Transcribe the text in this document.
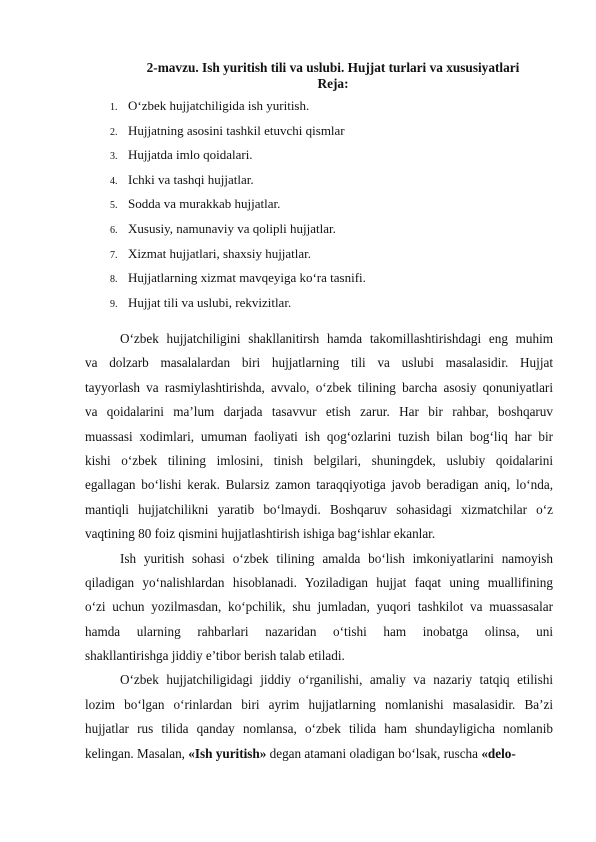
2-mavzu. Ish yuritish tili va uslubi. Hujjat turlari va xususiyatlari
Reja:
1. O‘zbek hujjatchiligida ish yuritish.
2. Hujjatning asosini tashkil etuvchi qismlar
3. Hujjatda imlo qoidalari.
4. Ichki va tashqi hujjatlar.
5. Sodda va murakkab hujjatlar.
6. Xususiy, namunaviy va qolipli hujjatlar.
7. Xizmat hujjatlari, shaxsiy hujjatlar.
8. Hujjatlarning xizmat mavqeyiga ko‘ra tasnifi.
9. Hujjat tili va uslubi, rekvizitlar.
O‘zbek hujjatchiligini shakllanitirsh hamda takomillashtirishdagi eng muhim
va dolzarb masalalardan biri hujjatlarning tili va uslubi masalasidir. Hujjat
tayyorlash va rasmiylashtirishda, avvalo, o‘zbek tilining barcha asosiy qonuniyatlari
va qoidalarini ma’lum darjada tasavvur etish zarur. Har bir rahbar, boshqaruv
muassasi xodimlari, umuman faoliyati ish qog‘ozlarini tuzish bilan bog‘liq har bir
kishi o‘zbek tilining imlosini, tinish belgilari, shuningdek, uslubiy qoidalarini
egallagan bo‘lishi kerak. Bularsiz zamon taraqqiyotiga javob beradigan aniq, lo‘nda,
mantiqli hujjatchilikni yaratib bo‘lmaydi. Boshqaruv sohasidagi xizmatchilar o‘z
vaqtining 80 foiz qismini hujjatlashtirish ishiga bag‘ishlar ekanlar.
Ish yuritish sohasi o‘zbek tilining amalda bo‘lish imkoniyatlarini namoyish
qiladigan yo‘nalishlardan hisoblanadi. Yoziladigan hujjat faqat uning muallifining
o‘zi uchun yozilmasdan, ko‘pchilik, shu jumladan, yuqori tashkilot va muassasalar
hamda ularning rahbarlari nazaridan o‘tishi ham inobatga olinsa, uni
shakllantirishga jiddiy e’tibor berish talab etiladi.
O‘zbek hujjatchiligidagi jiddiy o‘rganilishi, amaliy va nazariy tatqiq etilishi
lozim bo‘lgan o‘rinlardan biri ayrim hujjatlarning nomlanishi masalasidir. Ba’zi
hujjatlar rus tilida qanday nomlansa, o‘zbek tilida ham shundayligicha nomlanib
kelingan. Masalan, «Ish yuritish» degan atamani oladigan bo‘lsak, ruscha «delo-
